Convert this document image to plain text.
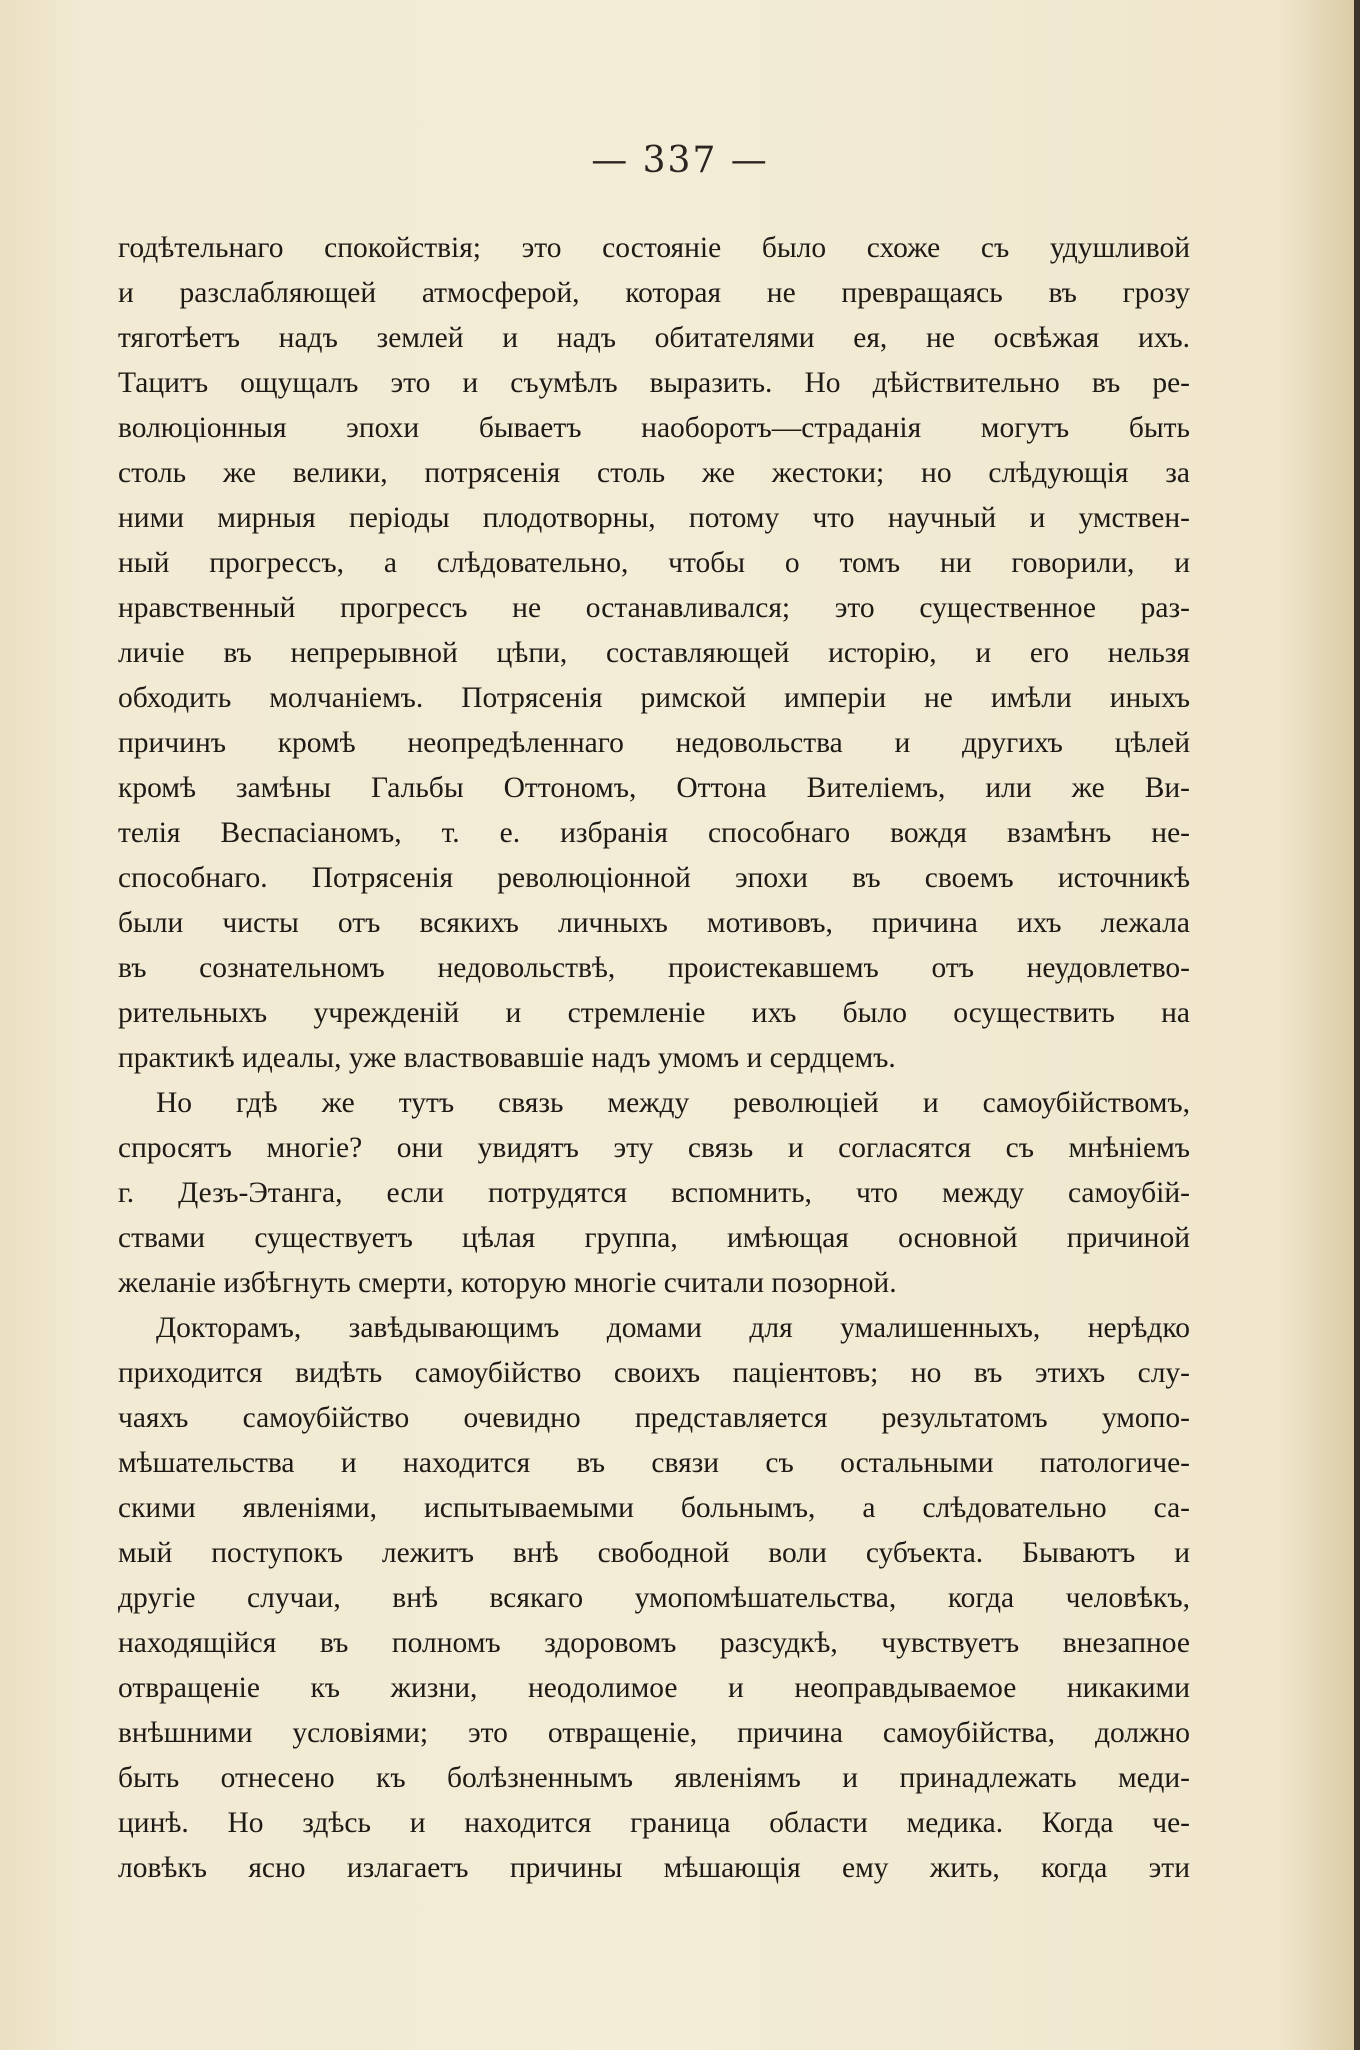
— 337 —
годѣтельнаго спокойствія; это состояніе было схоже съ удушливой
и разслабляющей атмосферой, которая не превращаясь въ грозу
тяготѣетъ надъ землей и надъ обитателями ея, не освѣжая ихъ.
Тацитъ ощущалъ это и съумѣлъ выразить. Но дѣйствительно въ ре-
волюціонныя эпохи бываетъ наоборотъ—страданія могутъ быть
столь же велики, потрясенія столь же жестоки; но слѣдующія за
ними мирныя періоды плодотворны, потому что научный и умствен-
ный прогрессъ, а слѣдовательно, чтобы о томъ ни говорили, и
нравственный прогрессъ не останавливался; это существенное раз-
личіе въ непрерывной цѣпи, составляющей исторію, и его нельзя
обходить молчаніемъ. Потрясенія римской имперіи не имѣли иныхъ
причинъ кромѣ неопредѣленнаго недовольства и другихъ цѣлей
кромѣ замѣны Гальбы Оттономъ, Оттона Вителіемъ, или же Ви-
телія Веспасіаномъ, т. е. избранія способнаго вождя взамѣнъ не-
способнаго. Потрясенія революціонной эпохи въ своемъ источникѣ
были чисты отъ всякихъ личныхъ мотивовъ, причина ихъ лежала
въ сознательномъ недовольствѣ, проистекавшемъ отъ неудовлетво-
рительныхъ учрежденій и стремленіе ихъ было осуществить на
практикѣ идеалы, уже властвовавшіе надъ умомъ и сердцемъ.
Но гдѣ же тутъ связь между революціей и самоубійствомъ,
спросятъ многіе? они увидятъ эту связь и согласятся съ мнѣніемъ
г. Дезъ-Этанга, если потрудятся вспомнить, что между самоубій-
ствами существуетъ цѣлая группа, имѣющая основной причиной
желаніе избѣгнуть смерти, которую многіе считали позорной.
Докторамъ, завѣдывающимъ домами для умалишенныхъ, нерѣдко
приходится видѣть самоубійство своихъ паціентовъ; но въ этихъ слу-
чаяхъ самоубійство очевидно представляется результатомъ умопо-
мѣшательства и находится въ связи съ остальными патологиче-
скими явленіями, испытываемыми больнымъ, а слѣдовательно са-
мый поступокъ лежитъ внѣ свободной воли субъекта. Бываютъ и
другіе случаи, внѣ всякаго умопомѣшательства, когда человѣкъ,
находящійся въ полномъ здоровомъ разсудкѣ, чувствуетъ внезапное
отвращеніе къ жизни, неодолимое и неоправдываемое никакими
внѣшними условіями; это отвращеніе, причина самоубійства, должно
быть отнесено къ болѣзненнымъ явленіямъ и принадлежать меди-
цинѣ. Но здѣсь и находится граница области медика. Когда че-
ловѣкъ ясно излагаетъ причины мѣшающія ему жить, когда эти
